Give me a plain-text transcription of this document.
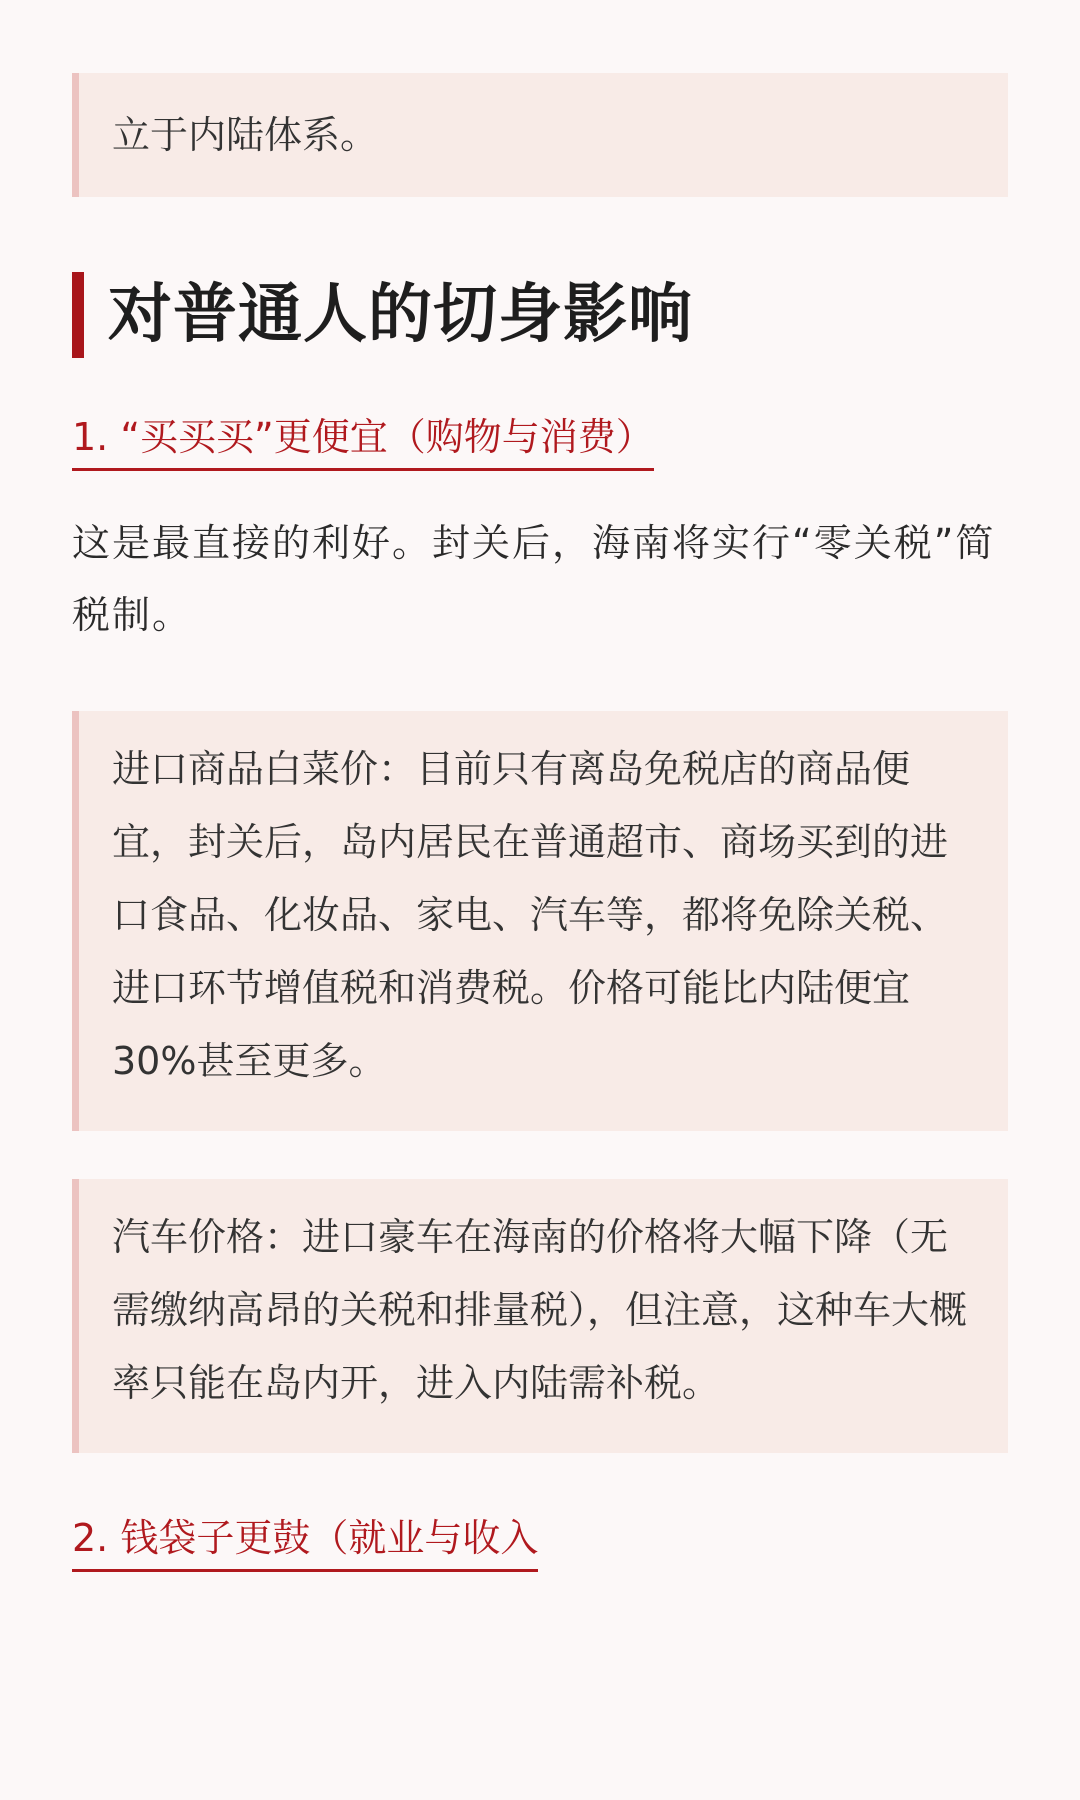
立于内陆体系。

对普通人的切身影响
1. “买买买”更便宜（购物与消费）

这是最直接的利好。封关后，海南将实行“零关税”简税制。

进口商品白菜价：目前只有离岛免税店的商品便宜，封关后，岛内居民在普通超市、商场买到的进口食品、化妆品、家电、汽车等，都将免除关税、进口环节增值税和消费税。价格可能比内陆便宜30%甚至更多。

汽车价格：进口豪车在海南的价格将大幅下降（无需缴纳高昂的关税和排量税），但注意，这种车大概率只能在岛内开，进入内陆需补税。

2. 钱袋子更鼓（就业与收入
